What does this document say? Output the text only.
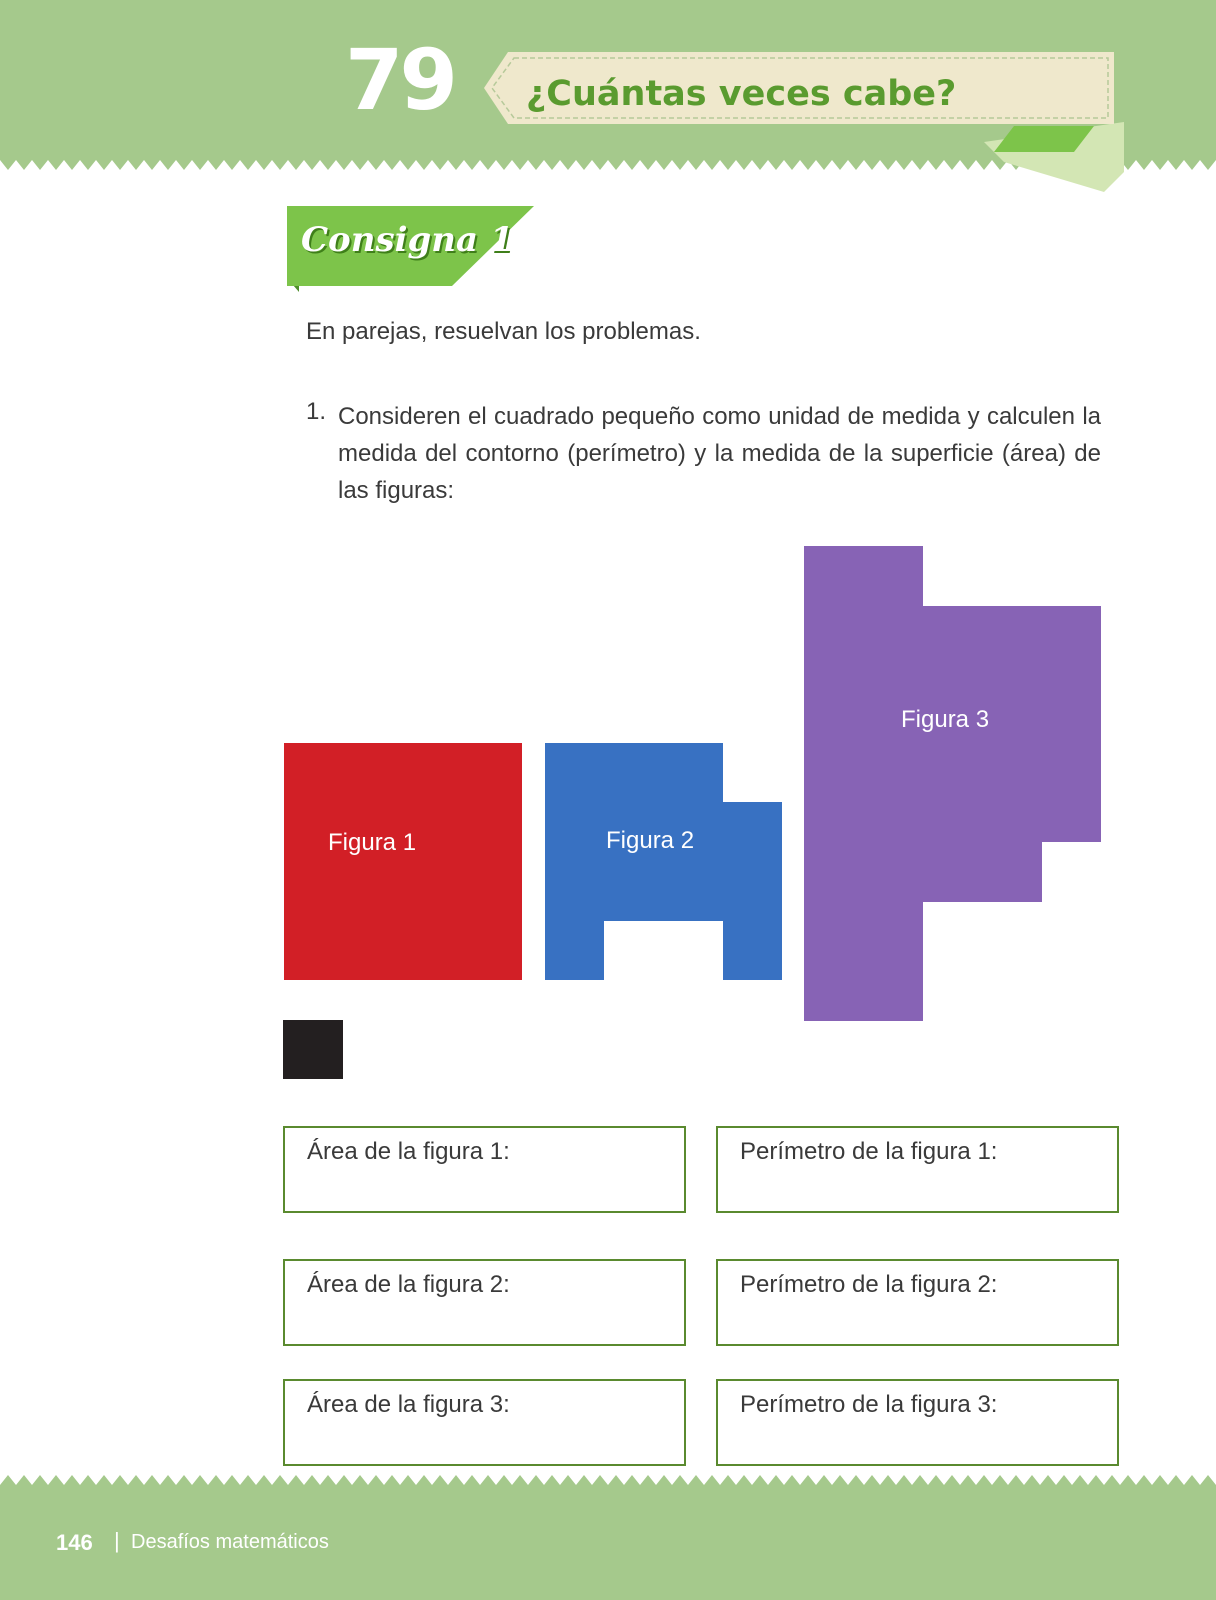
79 ¿Cuántas veces cabe?
Consigna 1

En parejas, resuelvan los problemas.

1. Consideren el cuadrado pequeño como unidad de medida y calculen la medida del contorno (perímetro) y la medida de la superficie (área) de las figuras:
Figura 1	Figura 2
Figura 3
Área de la figura 1:	Perímetro de la figura 1:
Área de la figura 2:	Perímetro de la figura 2:
Área de la figura 3:	Perímetro de la figura 3:
146 | Desafíos matemáticos
